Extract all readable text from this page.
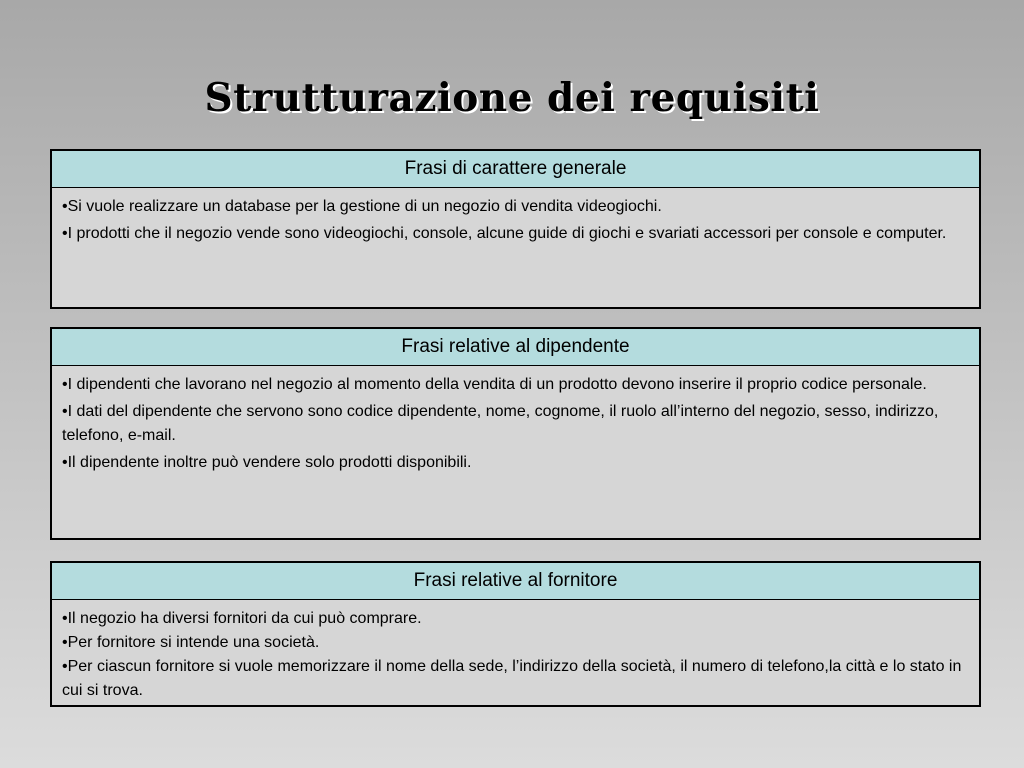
Strutturazione dei requisiti
Frasi di carattere generale
•Si vuole realizzare un database per la gestione di un negozio di vendita videogiochi.
•I prodotti che il negozio vende sono videogiochi, console, alcune guide di giochi e svariati accessori per console e computer.
Frasi relative al dipendente
•I dipendenti che lavorano nel negozio al momento della vendita di un prodotto devono inserire il proprio codice personale.
•I dati del dipendente che servono sono codice dipendente, nome, cognome, il ruolo all’interno del negozio, sesso, indirizzo, telefono, e-mail.
•Il dipendente inoltre può vendere solo prodotti disponibili.
Frasi relative al fornitore
•Il negozio ha diversi fornitori da cui può comprare.
•Per fornitore si intende una società.
•Per ciascun fornitore si vuole memorizzare il nome della sede, l’indirizzo della società, il numero di telefono,la città e lo stato in cui si trova.
